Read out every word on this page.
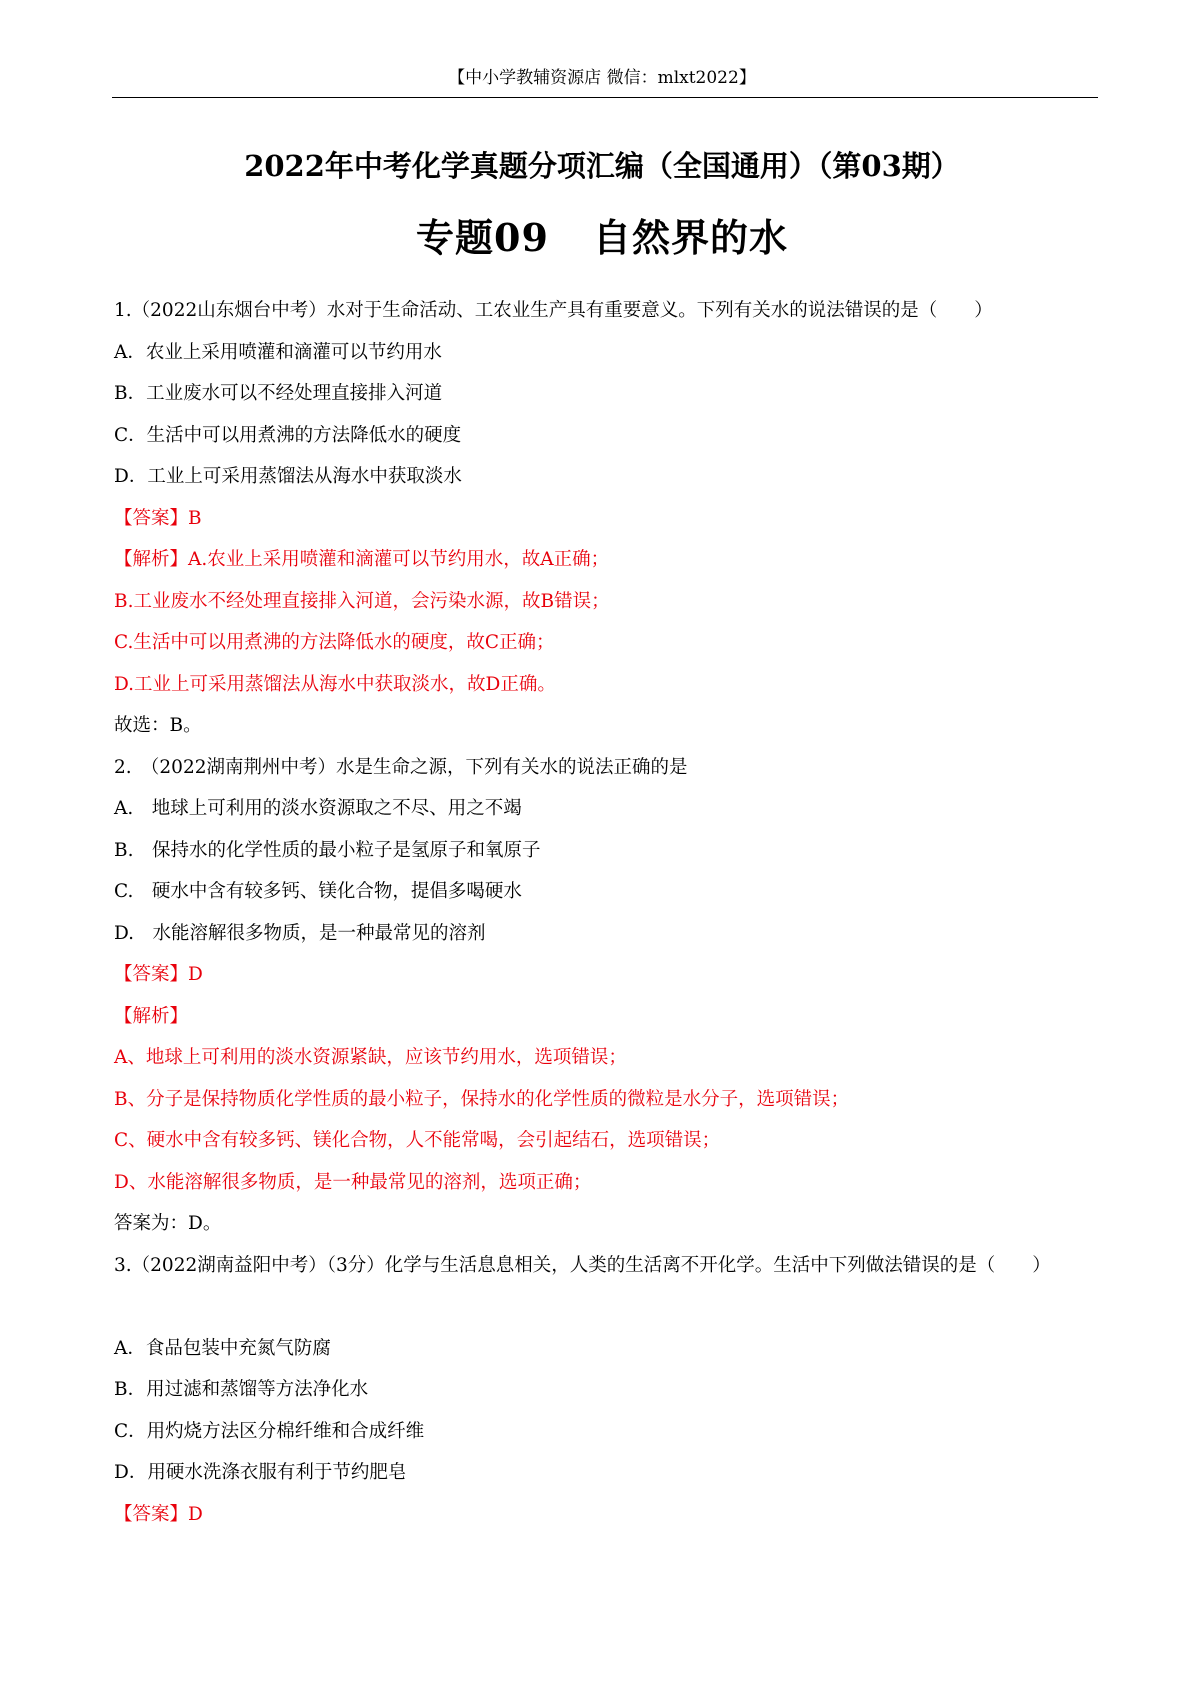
【中小学教辅资源店 微信：mlxt2022】
2022年中考化学真题分项汇编（全国通用）（第03期）
专题09 自然界的水
1.（2022山东烟台中考）水对于生命活动、工农业生产具有重要意义。下列有关水的说法错误的是（　　）
A．农业上采用喷灌和滴灌可以节约用水
B．工业废水可以不经处理直接排入河道
C．生活中可以用煮沸的方法降低水的硬度
D．工业上可采用蒸馏法从海水中获取淡水
【答案】B
【解析】A.农业上采用喷灌和滴灌可以节约用水，故A正确；
B.工业废水不经处理直接排入河道，会污染水源，故B错误；
C.生活中可以用煮沸的方法降低水的硬度，故C正确；
D.工业上可采用蒸馏法从海水中获取淡水，故D正确。
故选：B。
2.　（2022湖南荆州中考）水是生命之源，下列有关水的说法正确的是
A.　地球上可利用的淡水资源取之不尽、用之不竭
B.　保持水的化学性质的最小粒子是氢原子和氧原子
C.　硬水中含有较多钙、镁化合物，提倡多喝硬水
D.　水能溶解很多物质，是一种最常见的溶剂
【答案】D
【解析】
A、地球上可利用的淡水资源紧缺，应该节约用水，选项错误；
B、分子是保持物质化学性质的最小粒子，保持水的化学性质的微粒是水分子，选项错误；
C、硬水中含有较多钙、镁化合物，人不能常喝，会引起结石，选项错误；
D、水能溶解很多物质，是一种最常见的溶剂，选项正确；
答案为：D。
3.（2022湖南益阳中考）（3分）化学与生活息息相关，人类的生活离不开化学。生活中下列做法错误的是（　　）
A．食品包装中充氮气防腐
B．用过滤和蒸馏等方法净化水
C．用灼烧方法区分棉纤维和合成纤维
D．用硬水洗涤衣服有利于节约肥皂
【答案】D
